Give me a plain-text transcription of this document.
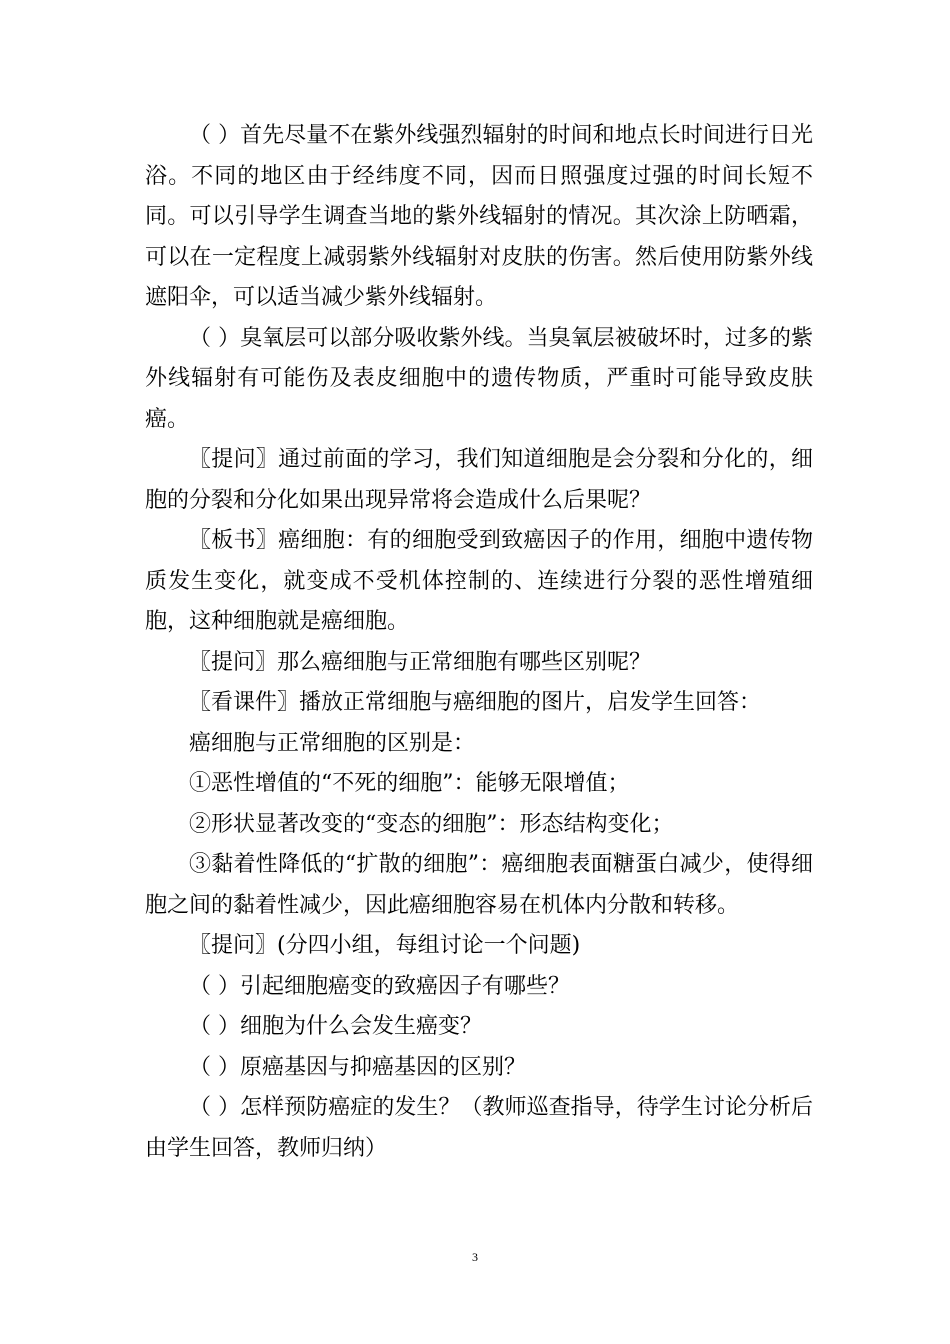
（ ）首先尽量不在紫外线强烈辐射的时间和地点长时间进行日光浴。不同的地区由于经纬度不同，因而日照强度过强的时间长短不同。可以引导学生调查当地的紫外线辐射的情况。其次涂上防晒霜，可以在一定程度上减弱紫外线辐射对皮肤的伤害。然后使用防紫外线遮阳伞，可以适当减少紫外线辐射。

（ ）臭氧层可以部分吸收紫外线。当臭氧层被破坏时，过多的紫外线辐射有可能伤及表皮细胞中的遗传物质，严重时可能导致皮肤癌。

〖提问〗通过前面的学习，我们知道细胞是会分裂和分化的，细胞的分裂和分化如果出现异常将会造成什么后果呢？

〖板书〗癌细胞：有的细胞受到致癌因子的作用，细胞中遗传物质发生变化，就变成不受机体控制的、连续进行分裂的恶性增殖细胞，这种细胞就是癌细胞。

〖提问〗那么癌细胞与正常细胞有哪些区别呢？

〖看课件〗播放正常细胞与癌细胞的图片，启发学生回答：

癌细胞与正常细胞的区别是：

①恶性增值的“不死的细胞”：能够无限增值；

②形状显著改变的“变态的细胞”：形态结构变化；

③黏着性降低的“扩散的细胞”：癌细胞表面糖蛋白减少，使得细胞之间的黏着性减少，因此癌细胞容易在机体内分散和转移。

〖提问〗(分四小组，每组讨论一个问题)

（ ）引起细胞癌变的致癌因子有哪些？

（ ）细胞为什么会发生癌变？

（ ）原癌基因与抑癌基因的区别？

（ ）怎样预防癌症的发生？（教师巡查指导，待学生讨论分析后由学生回答，教师归纳）

3
